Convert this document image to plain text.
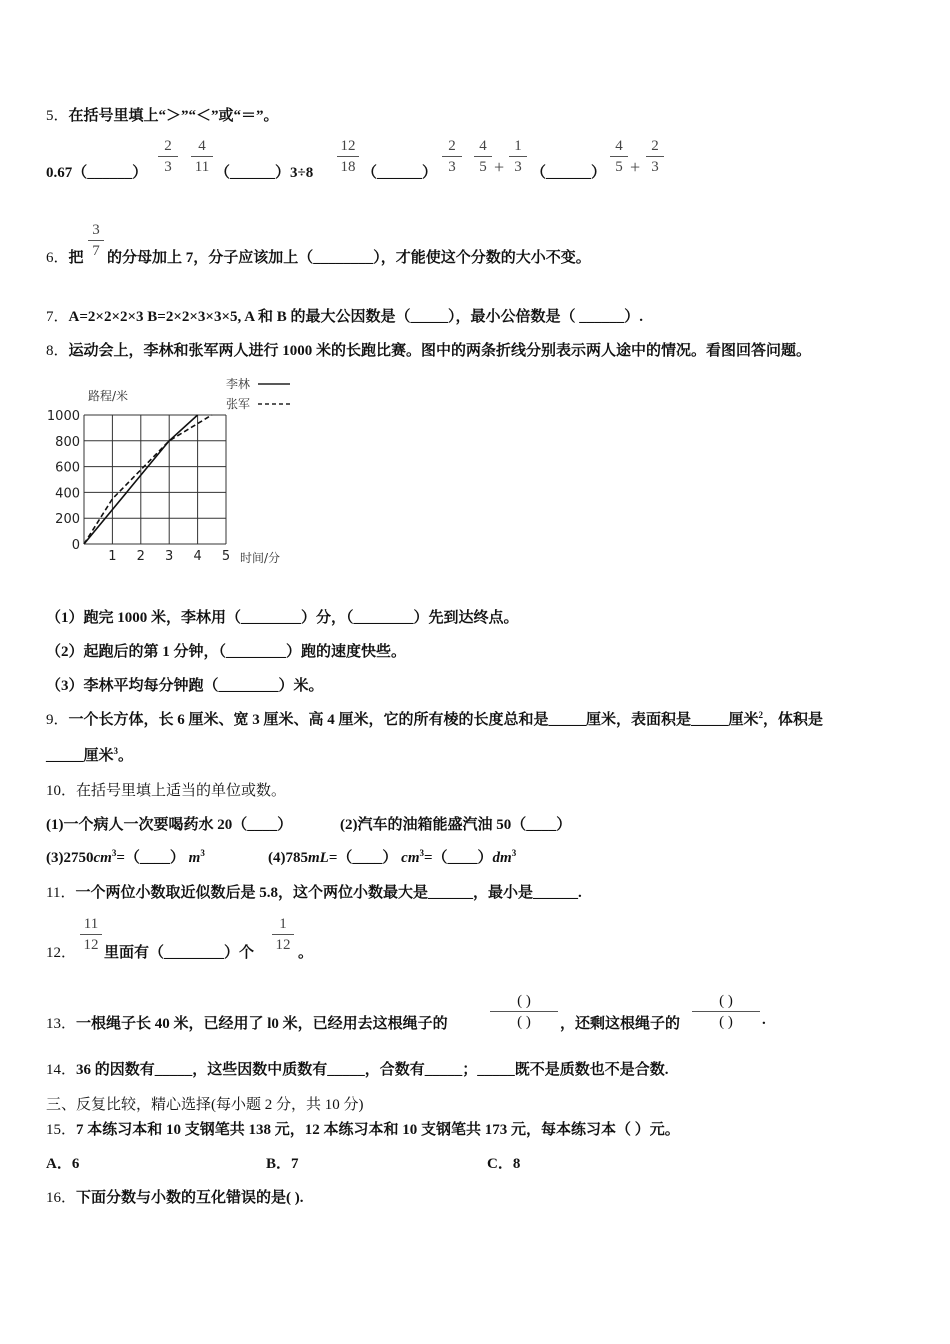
5．在括号里填上“＞”“＜”或“＝”。
0.67（______）
2
3
4
11 （______）3÷8
12
18 （______）
2
3
4
5 +
1
3 （______）
4
5 +
2
3
6．把
3
7 的分母加上 7，分子应该加上（________），才能使这个分数的大小不变。
7．A=2×2×2×3 B=2×2×3×3×5, A 和 B 的最大公因数是（_____），最小公倍数是（ ______）.
8．运动会上，李林和张军两人进行 1000 米的长跑比赛。图中的两条折线分别表示两人途中的情况。看图回答问题。
0
200
400
600
800
1000
1 2 3 4 5
路程/米
时间/分
李林
张军
（1）跑完 1000 米，李林用（________）分，（________）先到达终点。
（2）起跑后的第 1 分钟，（________）跑的速度快些。
（3）李林平均每分钟跑（________）米。
9．一个长方体，长 6 厘米、宽 3 厘米、高 4 厘米，它的所有棱的长度总和是_____厘米，表面积是_____厘米$^2$，体积是
_____厘米$^3$。
10．在括号里填上适当的单位或数。
(1)一个病人一次要喝药水 20（____）	(2)汽车的油箱能盛汽油 50（____）
$(3)2750cm^3=(\_\_\_\_)$ $m^3$	(4)785mL=（____） $cm^3=(\_\_\_\_)dm^3$
11．一个两位小数取近似数后是 5.8，这个两位小数最大是______，最小是______.
12．
11
12 里面有（________）个
1
12 。
13．一根绳子长 40 米，已经用了 l0 米，已经用去这根绳子的
( )
( )	，还剩这根绳子的
( )
( )	.
14．36 的因数有_____，这些因数中质数有_____，合数有_____；_____既不是质数也不是合数.
三、反复比较，精心选择(每小题 2 分，共 10 分)
15．7 本练习本和 10 支钢笔共 138 元，12 本练习本和 10 支钢笔共 173 元，每本练习本（ ）元。
A．6	B．7	C．8
16．下面分数与小数的互化错误的是( ).
